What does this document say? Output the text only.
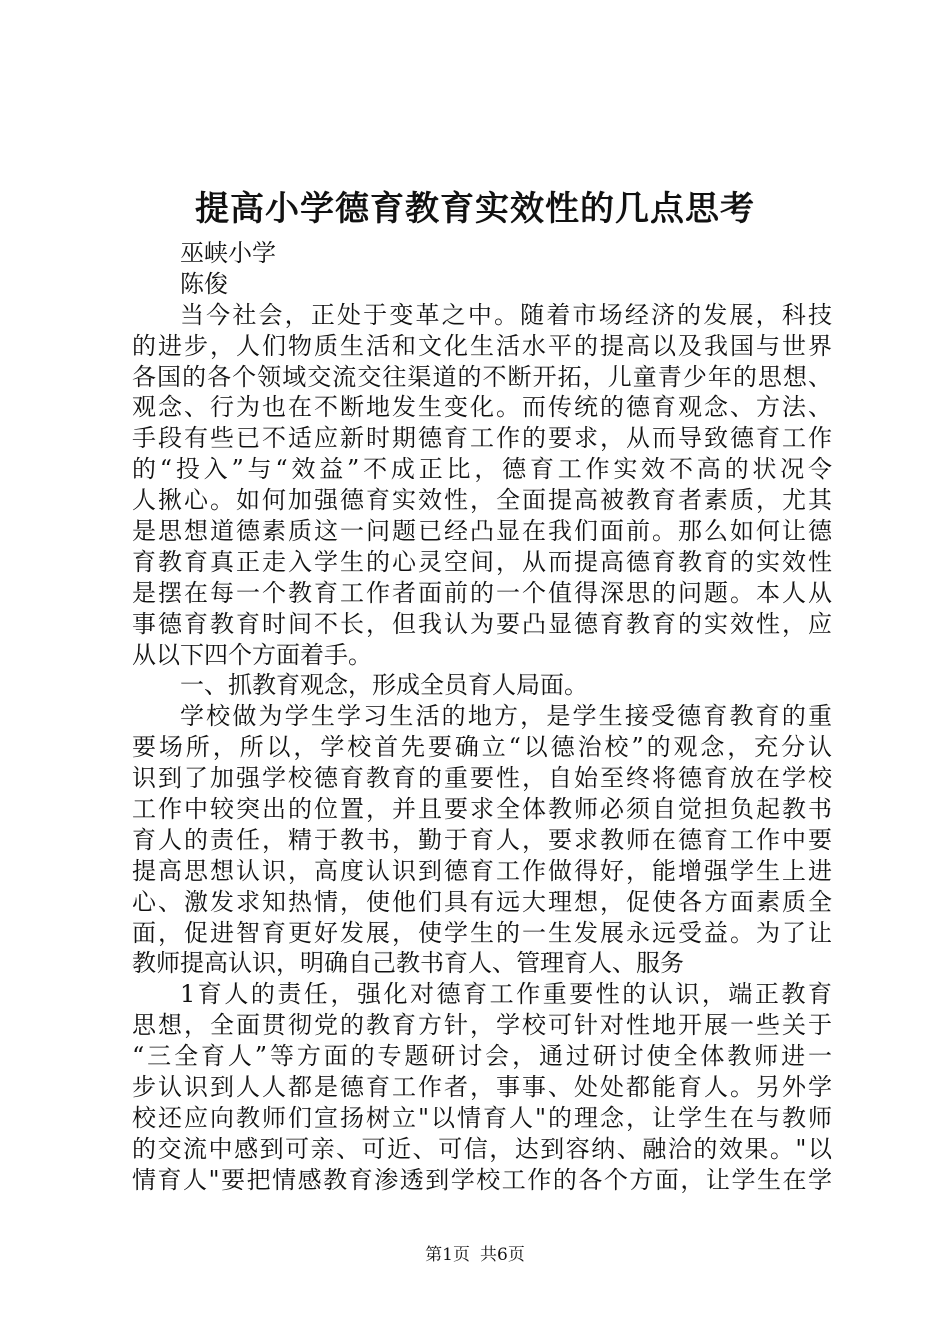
提高小学德育教育实效性的几点思考
巫峡小学
陈俊
当今社会，正处于变革之中。随着市场经济的发展，科技
的进步，人们物质生活和文化生活水平的提高以及我国与世界
各国的各个领域交流交往渠道的不断开拓，儿童青少年的思想、
观念、行为也在不断地发生变化。而传统的德育观念、方法、
手段有些已不适应新时期德育工作的要求，从而导致德育工作
的“投入”与“效益”不成正比，德育工作实效不高的状况令
人揪心。如何加强德育实效性，全面提高被教育者素质，尤其
是思想道德素质这一问题已经凸显在我们面前。那么如何让德
育教育真正走入学生的心灵空间，从而提高德育教育的实效性
是摆在每一个教育工作者面前的一个值得深思的问题。本人从
事德育教育时间不长，但我认为要凸显德育教育的实效性，应
从以下四个方面着手。
一、抓教育观念，形成全员育人局面。
学校做为学生学习生活的地方，是学生接受德育教育的重
要场所，所以，学校首先要确立“以德治校”的观念，充分认
识到了加强学校德育教育的重要性，自始至终将德育放在学校
工作中较突出的位置，并且要求全体教师必须自觉担负起教书
育人的责任，精于教书，勤于育人，要求教师在德育工作中要
提高思想认识，高度认识到德育工作做得好，能增强学生上进
心、激发求知热情，使他们具有远大理想，促使各方面素质全
面，促进智育更好发展，使学生的一生发展永远受益。为了让
教师提高认识，明确自己教书育人、管理育人、服务
1育人的责任，强化对德育工作重要性的认识，端正教育
思想，全面贯彻党的教育方针，学校可针对性地开展一些关于
“三全育人”等方面的专题研讨会，通过研讨使全体教师进一
步认识到人人都是德育工作者，事事、处处都能育人。另外学
校还应向教师们宣扬树立"以情育人"的理念，让学生在与教师
的交流中感到可亲、可近、可信，达到容纳、融洽的效果。"以
情育人"要把情感教育渗透到学校工作的各个方面，让学生在学
第1页 共6页
